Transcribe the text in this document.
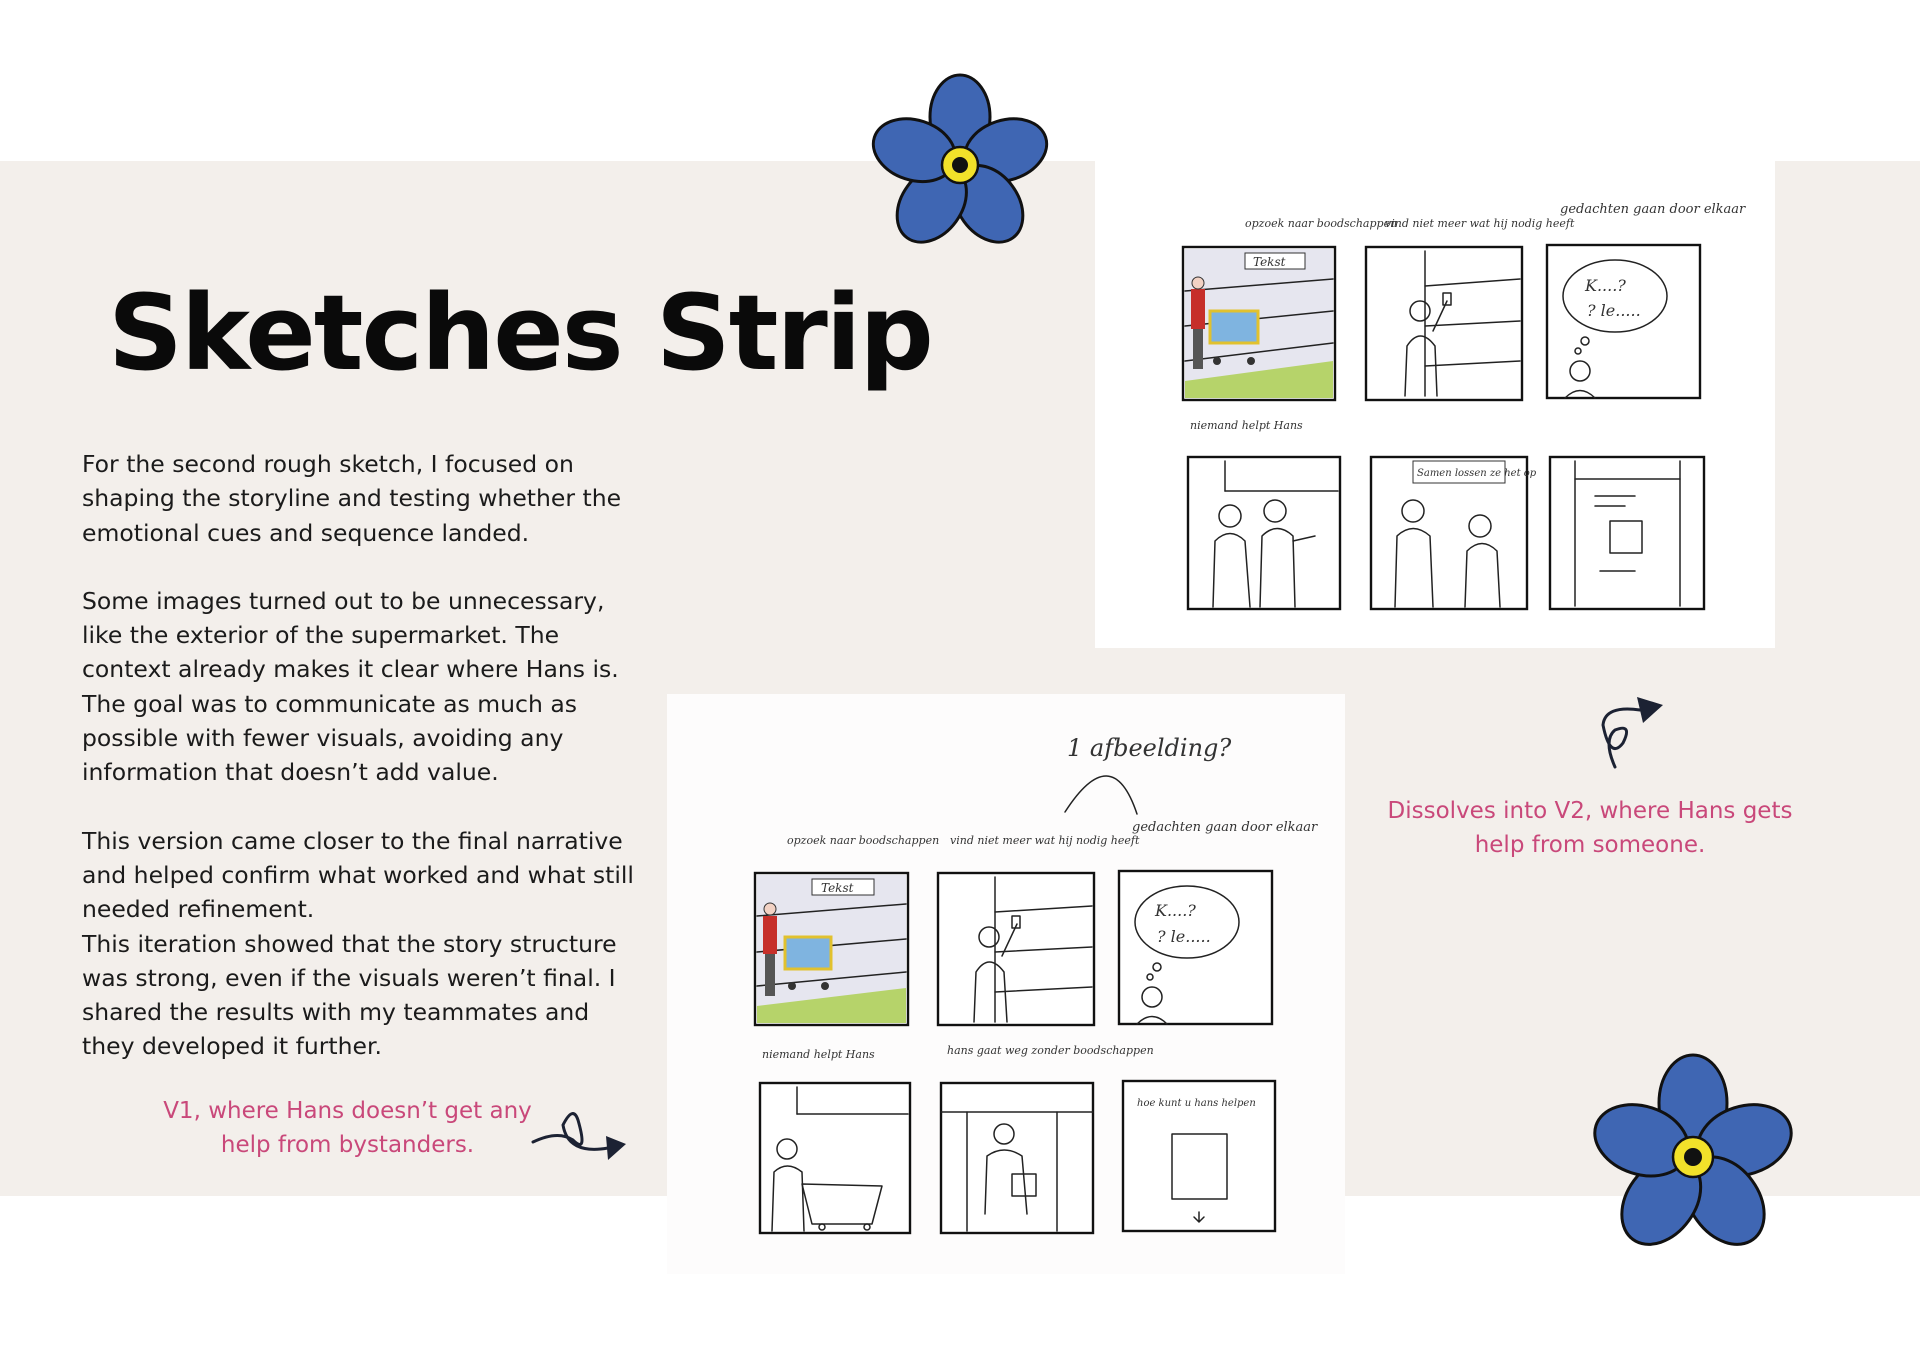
Sketches Strip

For the second rough sketch, I focused on shaping the storyline and testing whether the emotional cues and sequence landed.

Some images turned out to be unnecessary, like the exterior of the supermarket. The context already makes it clear where Hans is. The goal was to communicate as much as possible with fewer visuals, avoiding any information that doesn’t add value.

This version came closer to the final narrative and helped confirm what worked and what still needed refinement.

This iteration showed that the story structure was strong, even if the visuals weren’t final. I shared the results with my teammates and they developed it further.

V1, where Hans doesn’t get any help from bystanders.
Dissolves into V2, where Hans gets help from someone.
opzoek naar boodschappen
vind niet meer wat hij nodig heeft
gedachten gaan door elkaar
niemand helpt Hans
Tekst
K....?
? le.....
Samen lossen ze het op
1 afbeelding?
opzoek naar boodschappen vind niet meer wat hij nodig heeft
gedachten gaan door elkaar
niemand helpt Hans	hans gaat weg zonder boodschappen
Tekst
K....?
? le.....
hoe kunt u hans helpen
